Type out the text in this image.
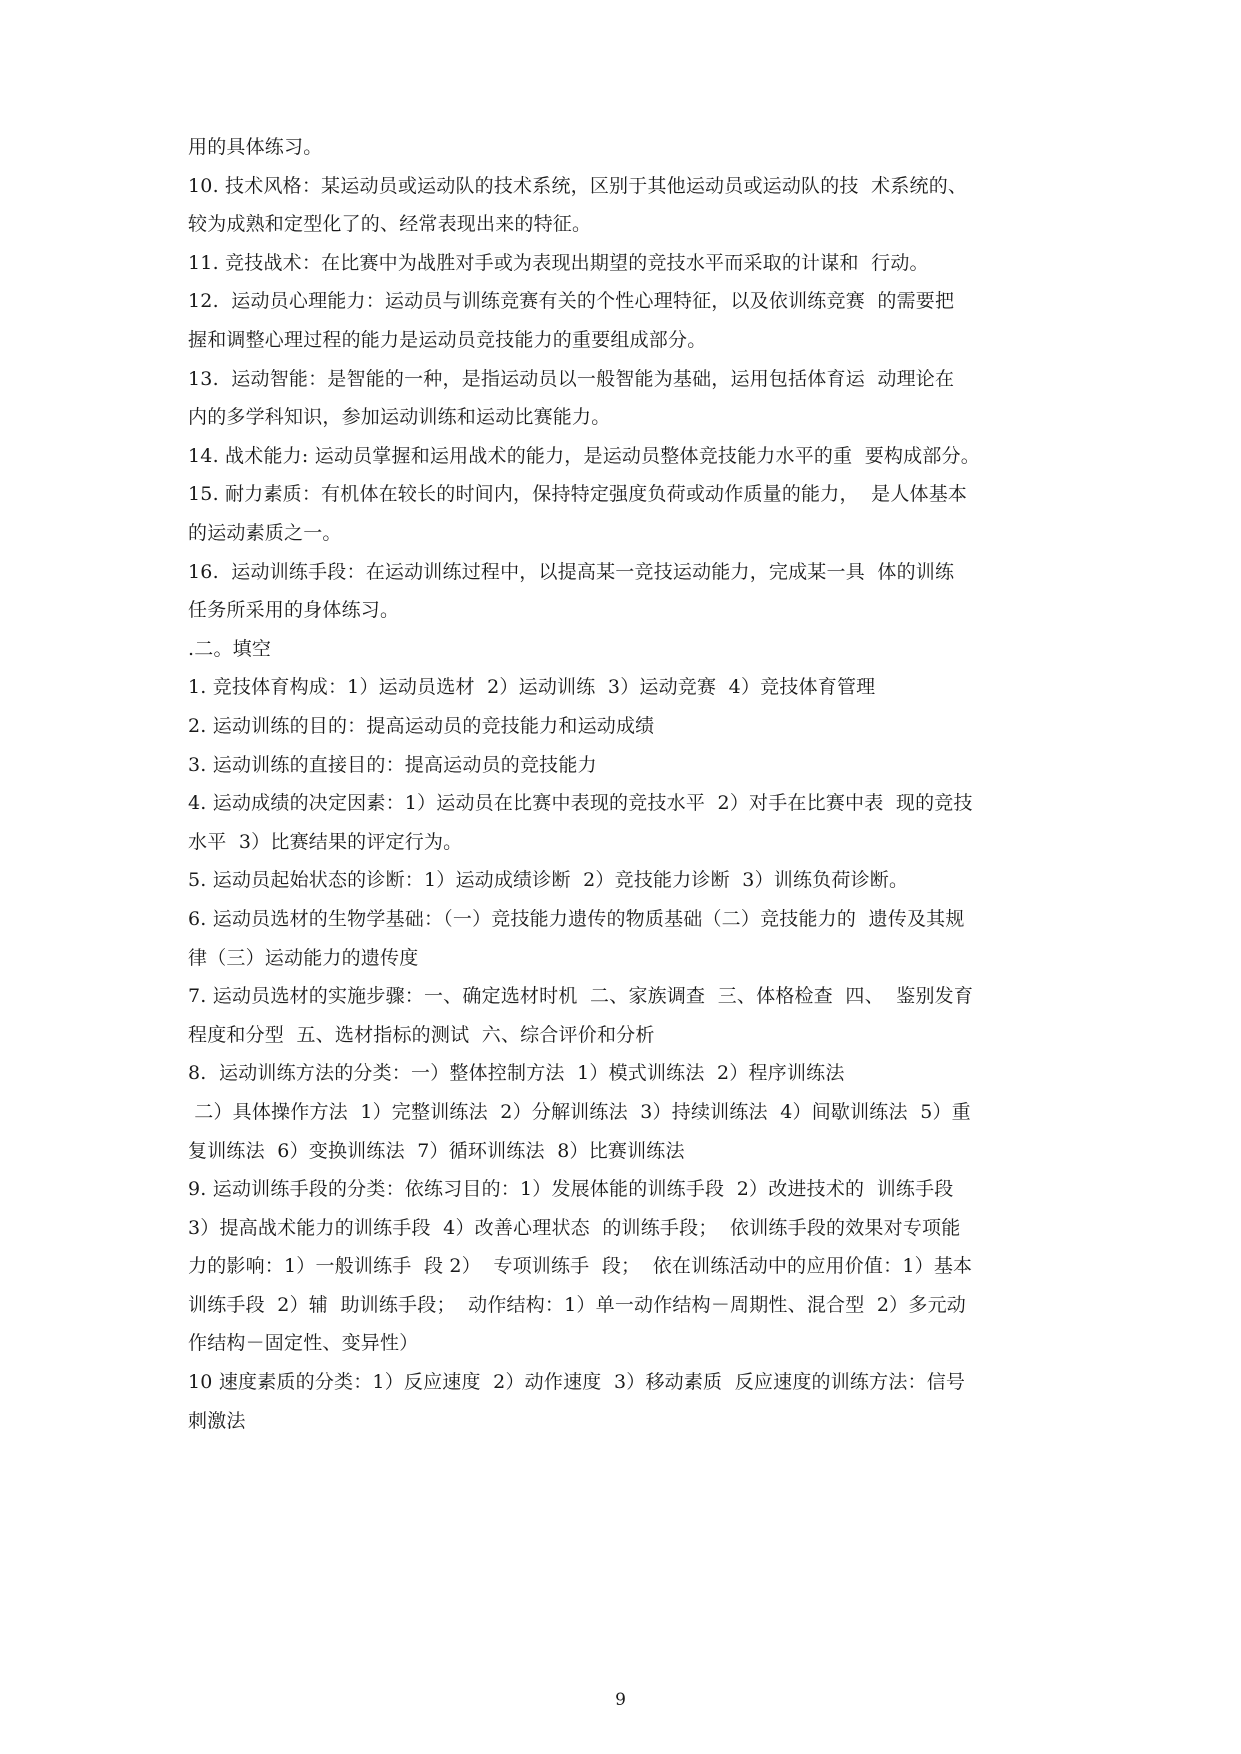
用的具体练习。
10. 技术风格：某运动员或运动队的技术系统，区别于其他运动员或运动队的技  术系统的、
较为成熟和定型化了的、经常表现出来的特征。
11. 竞技战术：在比赛中为战胜对手或为表现出期望的竞技水平而采取的计谋和  行动。
12.  运动员心理能力：运动员与训练竞赛有关的个性心理特征，以及依训练竞赛  的需要把
握和调整心理过程的能力是运动员竞技能力的重要组成部分。
13.  运动智能：是智能的一种，是指运动员以一般智能为基础，运用包括体育运  动理论在
内的多学科知识，参加运动训练和运动比赛能力。
14. 战术能力: 运动员掌握和运用战术的能力，是运动员整体竞技能力水平的重  要构成部分。
15. 耐力素质：有机体在较长的时间内，保持特定强度负荷或动作质量的能力，  是人体基本
的运动素质之一。
16.  运动训练手段：在运动训练过程中，以提高某一竞技运动能力，完成某一具  体的训练
任务所采用的身体练习。
.二。填空
1. 竞技体育构成：1）运动员选材  2）运动训练  3）运动竞赛  4）竞技体育管理
2. 运动训练的目的：提高运动员的竞技能力和运动成绩
3. 运动训练的直接目的：提高运动员的竞技能力
4. 运动成绩的决定因素：1）运动员在比赛中表现的竞技水平  2）对手在比赛中表  现的竞技
水平  3）比赛结果的评定行为。
5. 运动员起始状态的诊断：1）运动成绩诊断  2）竞技能力诊断  3）训练负荷诊断。
6. 运动员选材的生物学基础：（一）竞技能力遗传的物质基础（二）竞技能力的  遗传及其规
律（三）运动能力的遗传度
7. 运动员选材的实施步骤：一、确定选材时机  二、家族调查  三、体格检查  四、  鉴别发育
程度和分型  五、选材指标的测试  六、综合评价和分析
8.  运动训练方法的分类：一）整体控制方法  1）模式训练法  2）程序训练法
二）具体操作方法  1）完整训练法  2）分解训练法  3）持续训练法  4）间歇训练法  5）重
复训练法  6）变换训练法  7）循环训练法  8）比赛训练法
9. 运动训练手段的分类：依练习目的：1）发展体能的训练手段  2）改进技术的  训练手段
3）提高战术能力的训练手段  4）改善心理状态  的训练手段；  依训练手段的效果对专项能
力的影响：1）一般训练手  段 2）  专项训练手  段；  依在训练活动中的应用价值：1）基本
训练手段  2）辅  助训练手段；  动作结构：1）单一动作结构－周期性、混合型  2）多元动
作结构－固定性、变异性）
10 速度素质的分类：1）反应速度  2）动作速度  3）移动素质  反应速度的训练方法：信号
刺激法
9
